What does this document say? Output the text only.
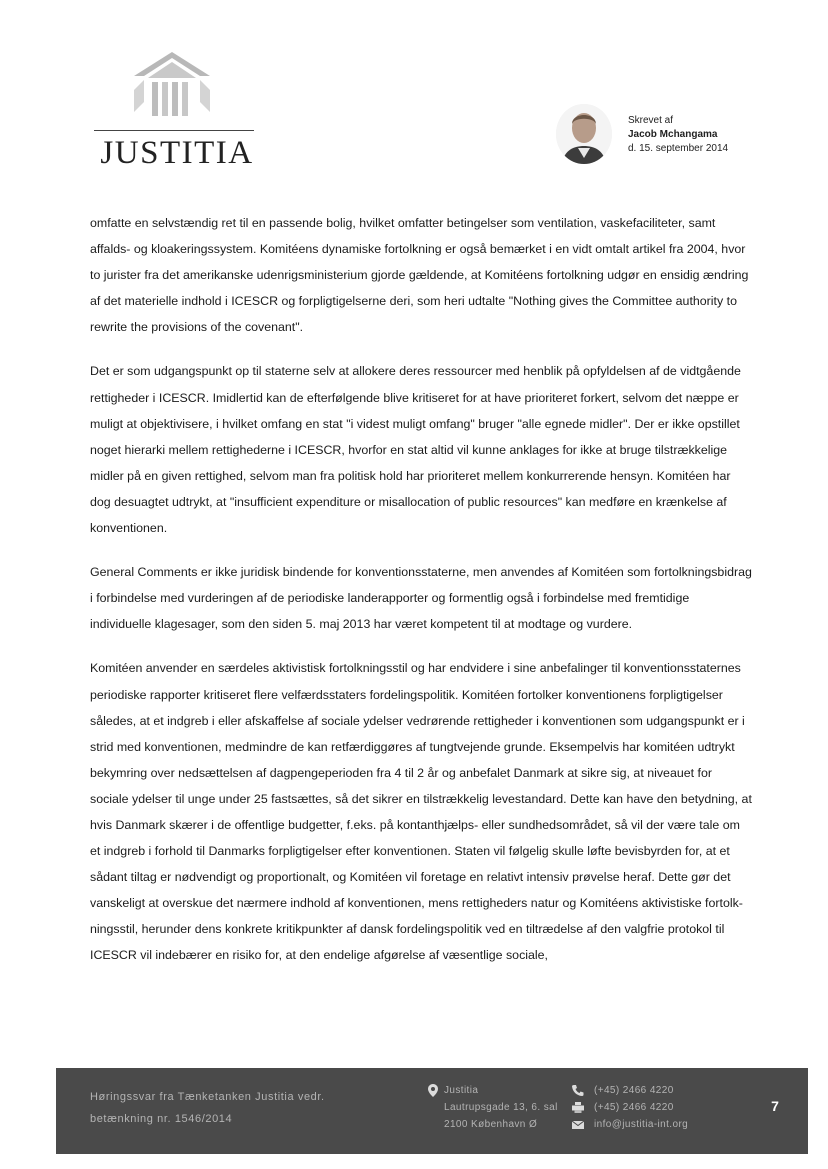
JUSTITIA
Skrevet af
Jacob Mchangama
d. 15. september 2014

omfatte en selvstændig ret til en passende bolig, hvilket omfatter betingelser som ventilation, vaskefaciliteter, samt affalds- og kloakeringssystem. Komitéens dynamiske fortolkning er også bemærket i en vidt omtalt artikel fra 2004, hvor to jurister fra det amerikanske udenrigsministerium gjorde gældende, at Komitéens fortolkning udgør en ensidig ændring af det materielle indhold i ICESCR og forpligtigelserne deri, som heri udtalte "Nothing gives the Committee authority to rewrite the provisions of the covenant".

Det er som udgangspunkt op til staterne selv at allokere deres ressourcer med henblik på opfyldelsen af de vidtgående rettigheder i ICESCR. Imidlertid kan de efterfølgende blive kritiseret for at have prioriteret forkert, selvom det næppe er muligt at objektivisere, i hvilket omfang en stat "i videst muligt omfang" bruger "alle egnede midler". Der er ikke opstillet noget hierarki mellem rettighederne i ICESCR, hvorfor en stat altid vil kunne anklages for ikke at bruge tilstrækkelige midler på en given rettighed, selvom man fra politisk hold har prioriteret mellem konkurrerende hensyn. Komitéen har dog desuagtet udtrykt, at "insufficient expenditure or misallocation of public resources" kan medføre en krænkelse af konventionen.

General Comments er ikke juridisk bindende for konventionsstaterne, men anvendes af Komitéen som fortolkningsbidrag i forbindelse med vurderingen af de periodiske landerapporter og formentlig også i forbindelse med fremtidige individuelle klagesager, som den siden 5. maj 2013 har været kompetent til at modtage og vurdere.

Komitéen anvender en særdeles aktivistisk fortolkningsstil og har endvidere i sine anbefalinger til konventionsstaternes periodiske rapporter kritiseret flere velfærdsstaters fordelingspolitik. Komitéen fortolker konventionens forpligtigelser således, at et indgreb i eller afskaffelse af sociale ydelser vedrørende rettigheder i konventionen som udgangspunkt er i strid med konventionen, medmindre de kan retfærdiggøres af tungtvejende grunde. Eksempelvis har komitéen udtrykt bekymring over nedsættelsen af dagpengeperioden fra 4 til 2 år og anbefalet Danmark at sikre sig, at niveauet for sociale ydelser til unge under 25 fastsættes, så det sikrer en tilstrækkelig levestandard. Dette kan have den betydning, at hvis Danmark skærer i de offentlige budgetter, f.eks. på kontanthjælps- eller sundhedsområdet, så vil der være tale om et indgreb i forhold til Danmarks forpligtigelser efter konventionen. Staten vil følgelig skulle løfte bevisbyrden for, at et sådant tiltag er nødvendigt og proportionalt, og Komitéen vil foretage en relativt intensiv prøvelse heraf. Dette gør det vanskeligt at overskue det nærmere indhold af konventionen, mens rettigheders natur og Komitéens aktivistiske fortolk-ningsstil, herunder dens konkrete kritikpunkter af dansk fordelingspolitik ved en tiltrædelse af den valgfrie protokol til ICESCR vil indebærer en risiko for, at den endelige afgørelse af væsentlige sociale,

Høringssvar fra Tænketanken Justitia vedr.
betænkning nr. 1546/2014
Justitia
Lautrupsgade 13, 6. sal
2100 København Ø
(+45) 2466 4220
(+45) 2466 4220
info@justitia-int.org
7
